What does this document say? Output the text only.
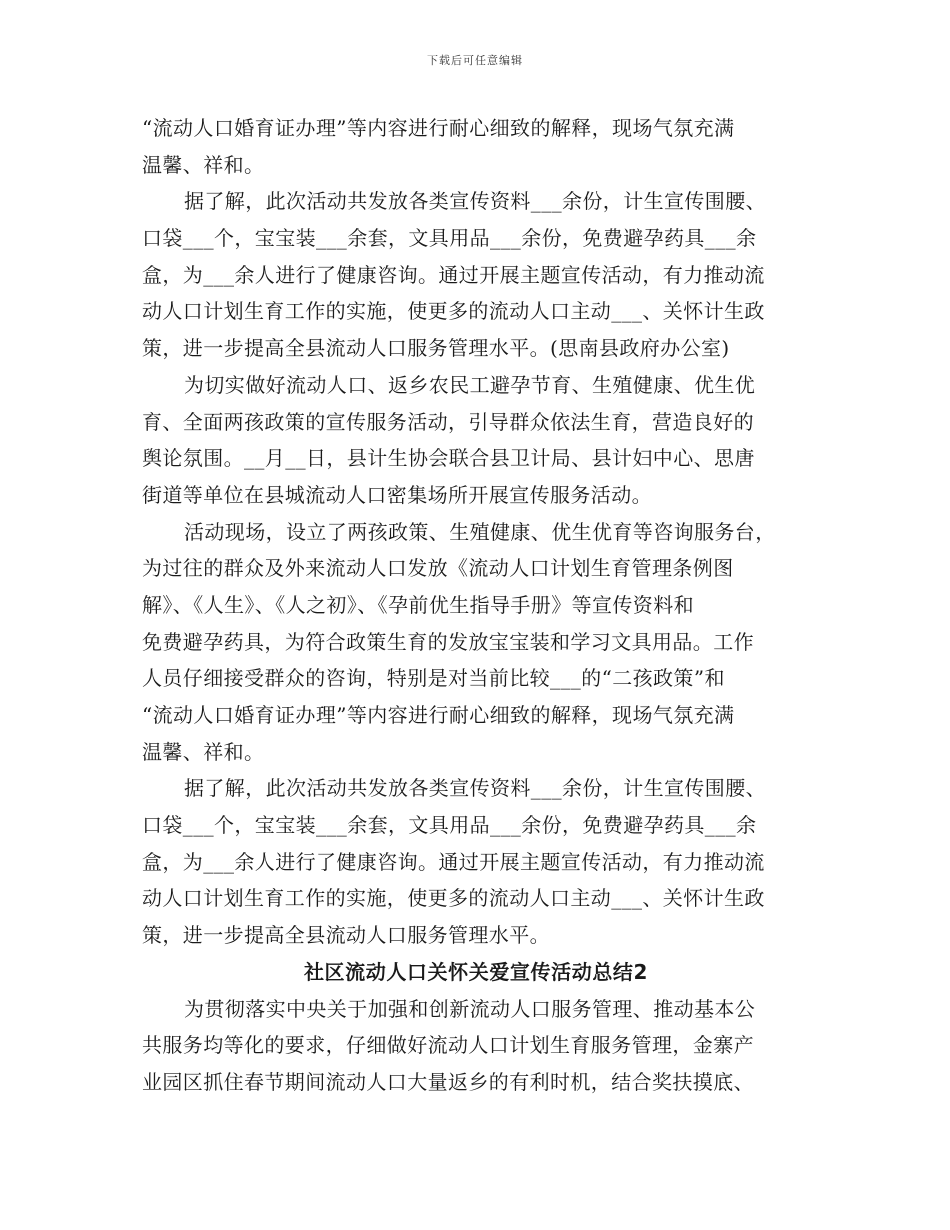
下载后可任意编辑
“流动人口婚育证办理”等内容进行耐心细致的解释，现场气氛充满
温馨、祥和。
据了解，此次活动共发放各类宣传资料___余份，计生宣传围腰、
口袋___个，宝宝装___余套，文具用品___余份，免费避孕药具___余
盒，为___余人进行了健康咨询。通过开展主题宣传活动，有力推动流
动人口计划生育工作的实施，使更多的流动人口主动___、关怀计生政
策，进一步提高全县流动人口服务管理水平。(思南县政府办公室)
为切实做好流动人口、返乡农民工避孕节育、生殖健康、优生优
育、全面两孩政策的宣传服务活动，引导群众依法生育，营造良好的
舆论氛围。__月__日，县计生协会联合县卫计局、县计妇中心、思唐
街道等单位在县城流动人口密集场所开展宣传服务活动。
活动现场，设立了两孩政策、生殖健康、优生优育等咨询服务台，
为过往的群众及外来流动人口发放《流动人口计划生育管理条例图
解》、《人生》、《人之初》、《孕前优生指导手册》等宣传资料和
免费避孕药具，为符合政策生育的发放宝宝装和学习文具用品。工作
人员仔细接受群众的咨询，特别是对当前比较___的“二孩政策”和
“流动人口婚育证办理”等内容进行耐心细致的解释，现场气氛充满
温馨、祥和。
据了解，此次活动共发放各类宣传资料___余份，计生宣传围腰、
口袋___个，宝宝装___余套，文具用品___余份，免费避孕药具___余
盒，为___余人进行了健康咨询。通过开展主题宣传活动，有力推动流
动人口计划生育工作的实施，使更多的流动人口主动___、关怀计生政
策，进一步提高全县流动人口服务管理水平。
社区流动人口关怀关爱宣传活动总结2
为贯彻落实中央关于加强和创新流动人口服务管理、推动基本公
共服务均等化的要求，仔细做好流动人口计划生育服务管理，金寨产
业园区抓住春节期间流动人口大量返乡的有利时机，结合奖扶摸底、
